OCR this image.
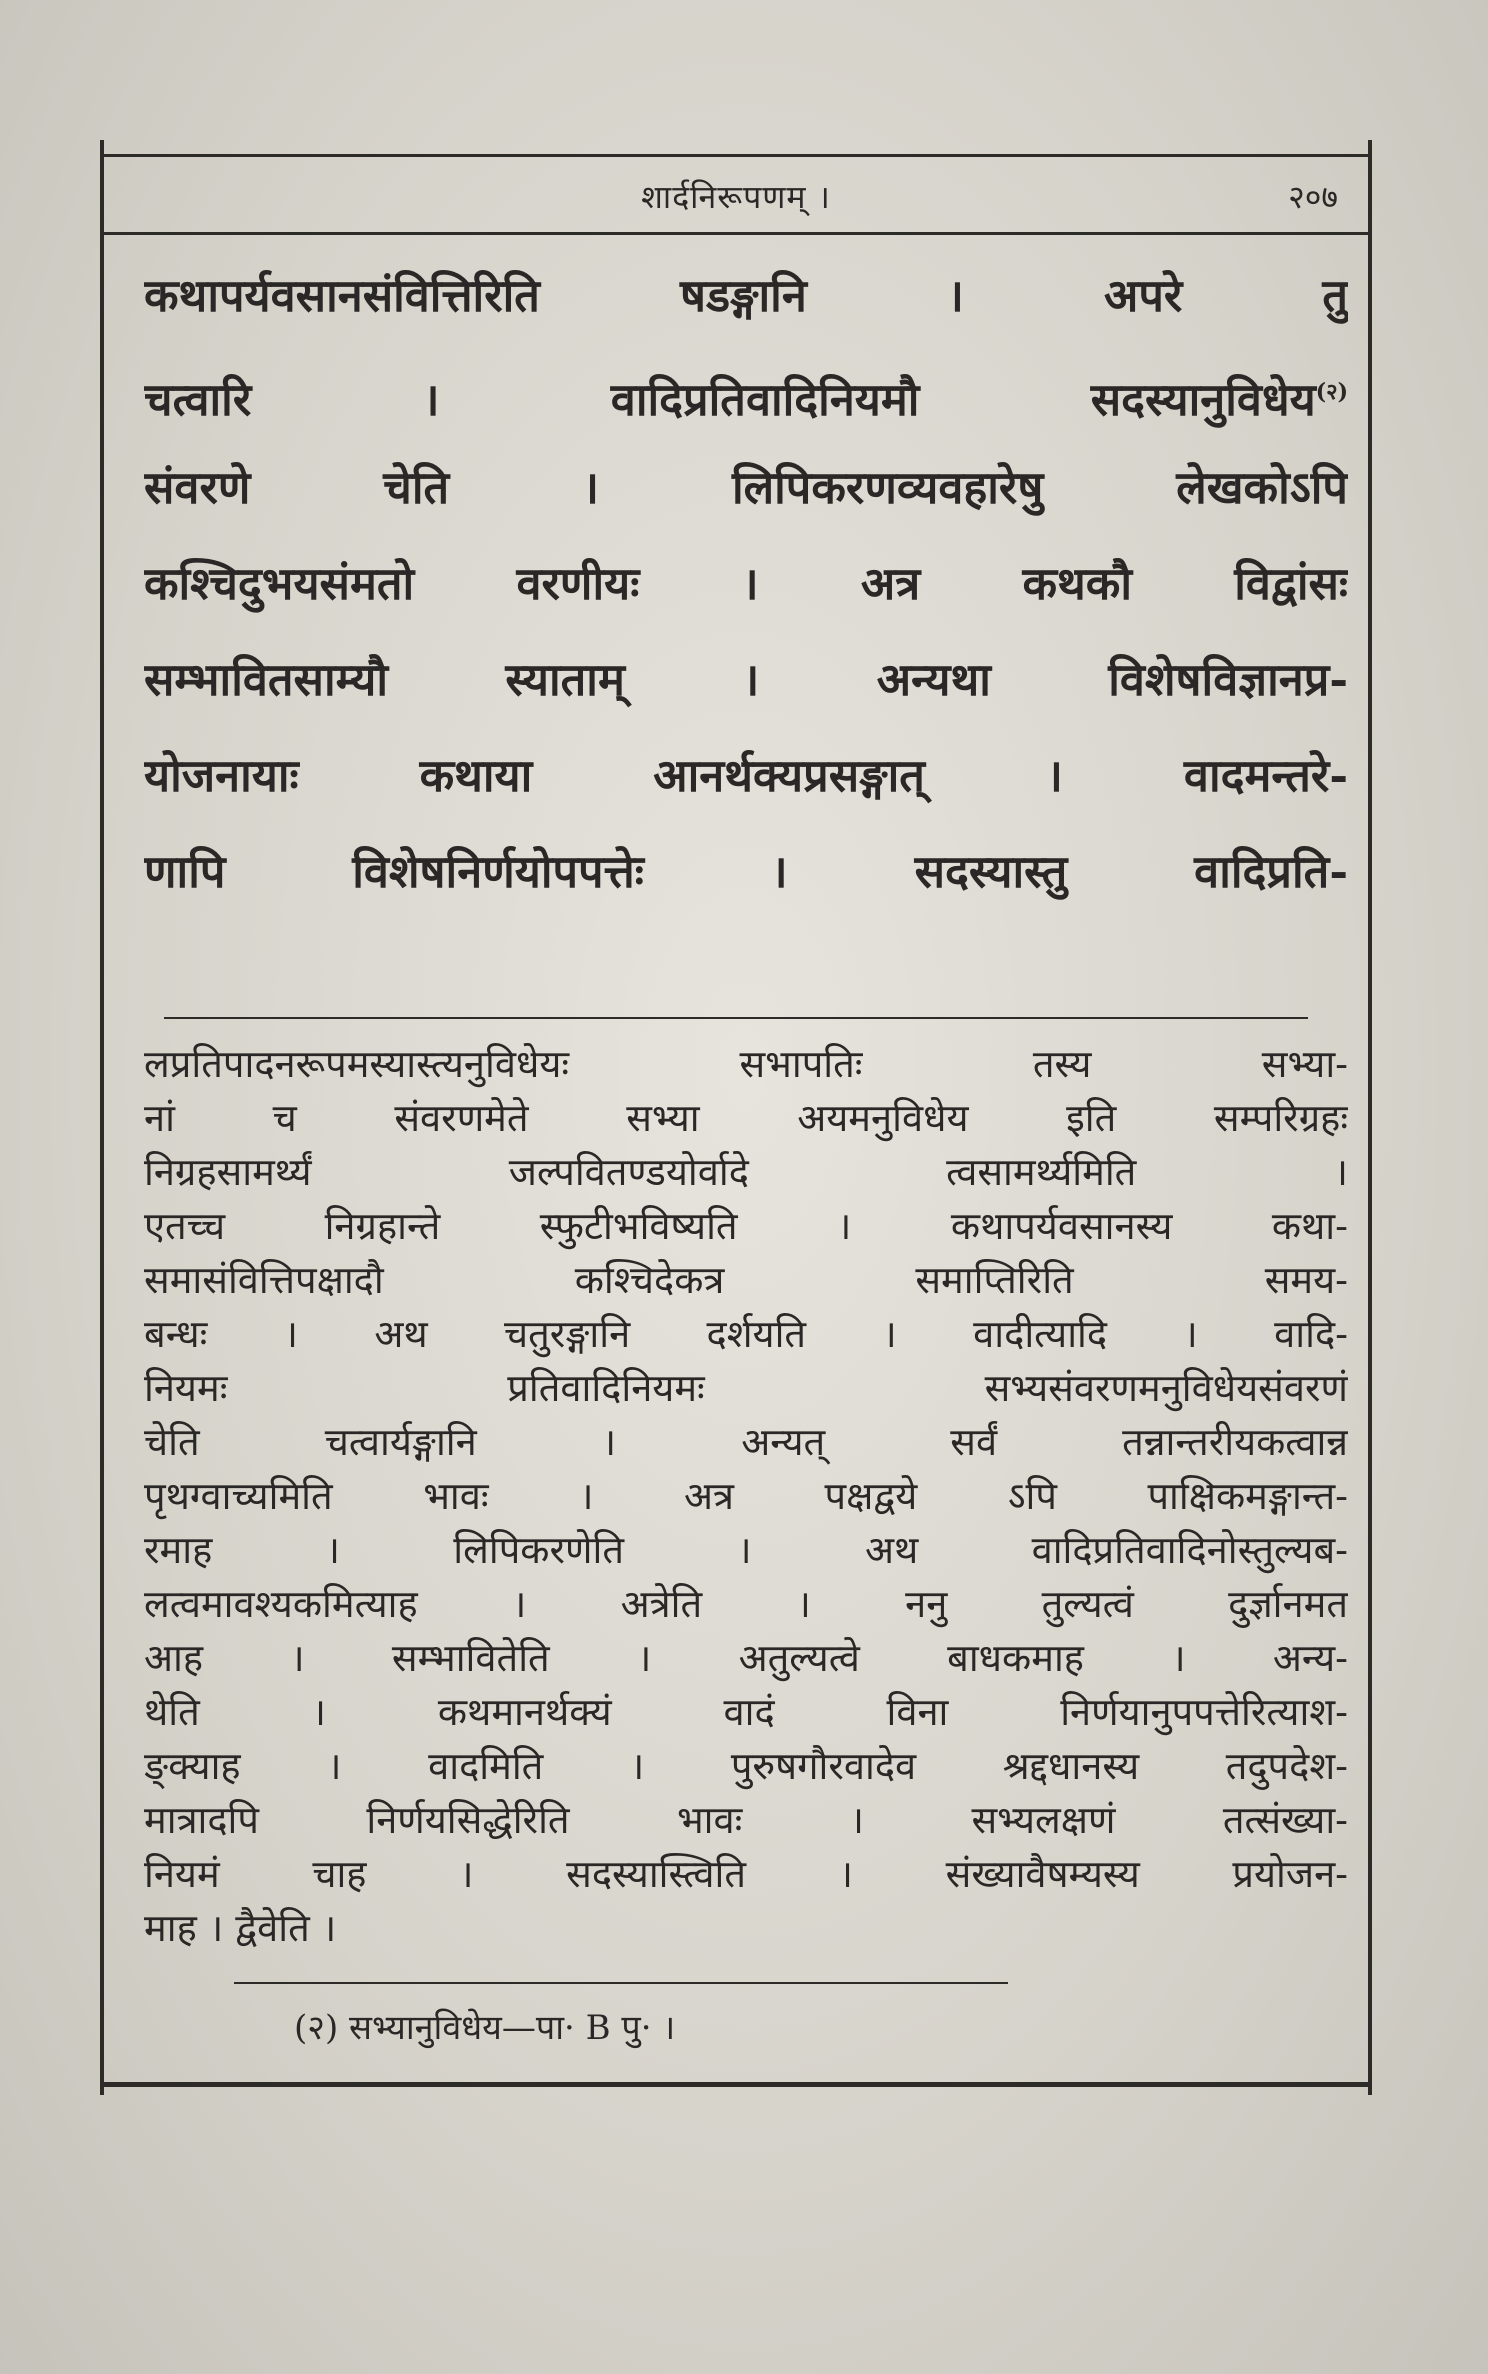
शार्दनिरूपणम् ।	२०७
कथापर्यवसानसंवित्तिरिति षडङ्गानि । अपरे तु
चत्वारि । वादिप्रतिवादिनियमौ सदस्यानुविधेय$^{(२)}$
संवरणे चेति । लिपिकरणव्यवहारेषु लेखकोऽपि
कश्चिदुभयसंमतो वरणीयः । अत्र कथकौ विद्वांसः
सम्भावितसाम्यौ स्याताम् । अन्यथा विशेषविज्ञानप्र-
योजनायाः कथाया आनर्थक्यप्रसङ्गात् । वादमन्तरे-
णापि विशेषनिर्णयोपपत्तेः । सदस्यास्तु वादिप्रति-
लप्रतिपादनरूपमस्यास्त्यनुविधेयः सभापतिः तस्य सभ्या-
नां च संवरणमेते सभ्या अयमनुविधेय इति सम्परिग्रहः
निग्रहसामर्थ्यं जल्पवितण्डयोर्वादे त्वसामर्थ्यमिति ।
एतच्च निग्रहान्ते स्फुटीभविष्यति । कथापर्यवसानस्य कथा-
समासंवित्तिपक्षादौ कश्चिदेकत्र समाप्तिरिति समय-
बन्धः । अथ चतुरङ्गानि दर्शयति । वादीत्यादि । वादि-
नियमः प्रतिवादिनियमः सभ्यसंवरणमनुविधेयसंवरणं
चेति चत्वार्यङ्गानि । अन्यत् सर्वं तन्नान्तरीयकत्वान्न
पृथग्वाच्यमिति भावः । अत्र पक्षद्वये ऽपि पाक्षिकमङ्गान्त-
रमाह । लिपिकरणेति । अथ वादिप्रतिवादिनोस्तुल्यब-
लत्वमावश्यकमित्याह । अत्रेति । ननु तुल्यत्वं दुर्ज्ञानमत
आह । सम्भावितेति । अतुल्यत्वे बाधकमाह । अन्य-
थेति । कथमानर्थक्यं वादं विना निर्णयानुपपत्तेरित्याश-
ङ्क्याह । वादमिति । पुरुषगौरवादेव श्रद्दधानस्य तदुपदेश-
मात्रादपि निर्णयसिद्धेरिति भावः । सभ्यलक्षणं तत्संख्या-
नियमं चाह । सदस्यास्त्विति । संख्यावैषम्यस्य प्रयोजन-
माह । द्वैवेति ।
(२) सभ्यानुविधेय—पा· B पु· ।
